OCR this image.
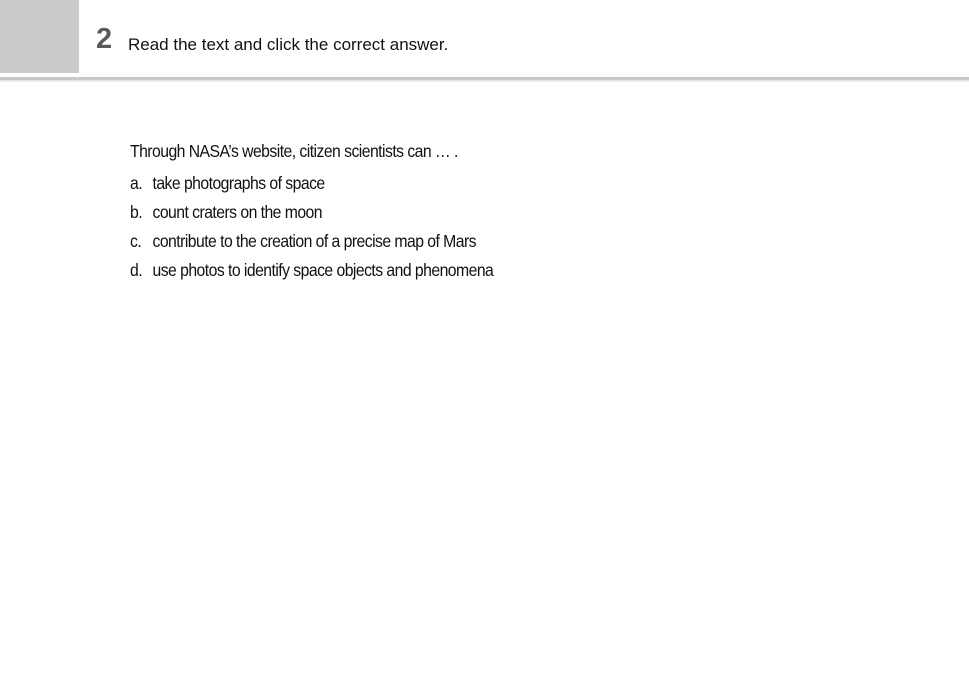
2 Read the text and click the correct answer.
Through NASA’s website, citizen scientists can … .
a. take photographs of space
b. count craters on the moon
c. contribute to the creation of a precise map of Mars
d. use photos to identify space objects and phenomena
